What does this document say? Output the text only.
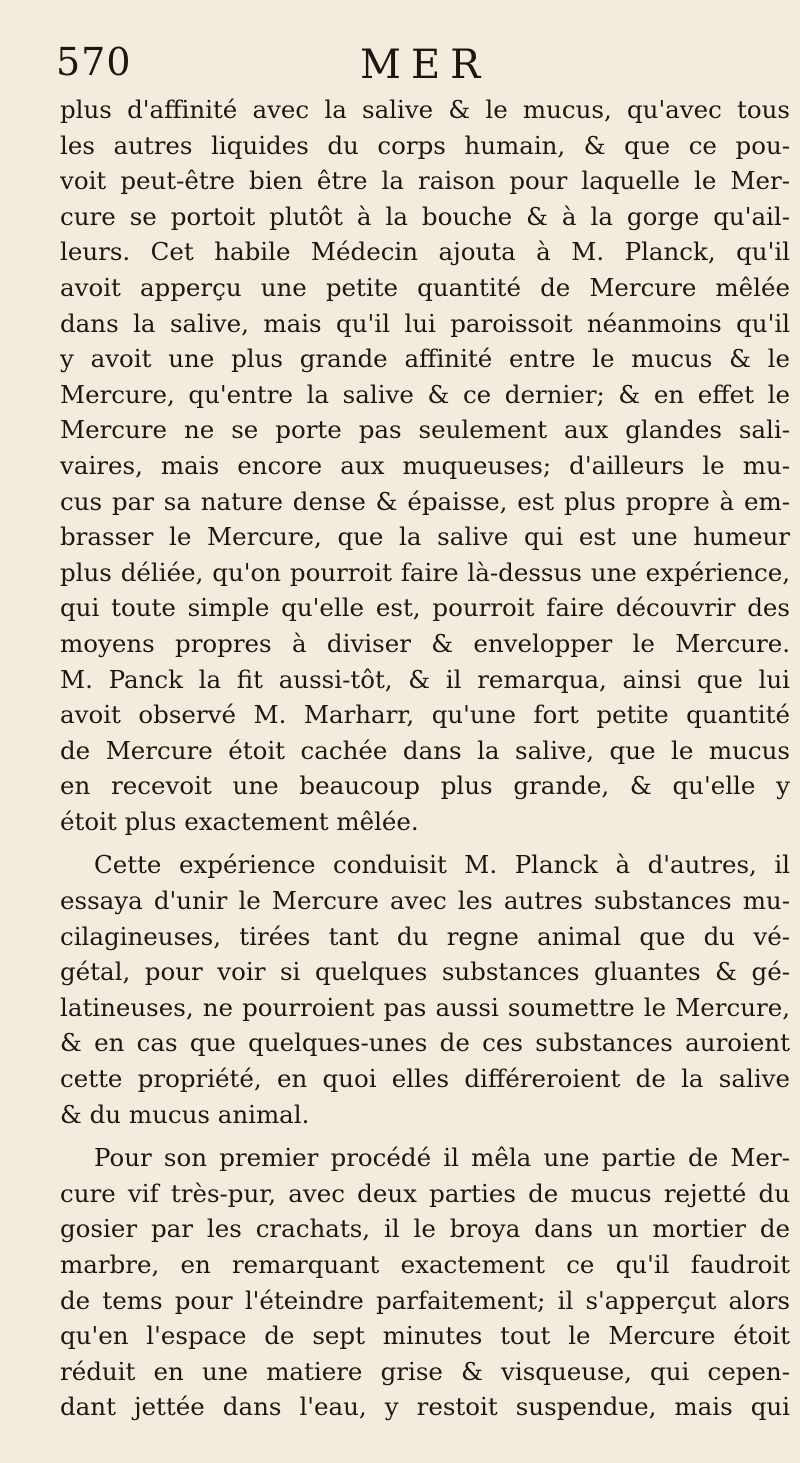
570	MER
plus d'affinité avec la salive & le mucus, qu'avec tous
les autres liquides du corps humain, & que ce pou-
voit peut-être bien être la raison pour laquelle le Mer-
cure se portoit plutôt à la bouche & à la gorge qu'ail-
leurs. Cet habile Médecin ajouta à M. Planck, qu'il
avoit apperçu une petite quantité de Mercure mêlée
dans la salive, mais qu'il lui paroissoit néanmoins qu'il
y avoit une plus grande affinité entre le mucus & le
Mercure, qu'entre la salive & ce dernier; & en effet le
Mercure ne se porte pas seulement aux glandes sali-
vaires, mais encore aux muqueuses; d'ailleurs le mu-
cus par sa nature dense & épaisse, est plus propre à em-
brasser le Mercure, que la salive qui est une humeur
plus déliée, qu'on pourroit faire là-dessus une expérience,
qui toute simple qu'elle est, pourroit faire découvrir des
moyens propres à diviser & envelopper le Mercure.
M. Panck la fit aussi-tôt, & il remarqua, ainsi que lui
avoit observé M. Marharr, qu'une fort petite quantité
de Mercure étoit cachée dans la salive, que le mucus
en recevoit une beaucoup plus grande, & qu'elle y
étoit plus exactement mêlée.
Cette expérience conduisit M. Planck à d'autres, il
essaya d'unir le Mercure avec les autres substances mu-
cilagineuses, tirées tant du regne animal que du vé-
gétal, pour voir si quelques substances gluantes & gé-
latineuses, ne pourroient pas aussi soumettre le Mercure,
& en cas que quelques-unes de ces substances auroient
cette propriété, en quoi elles différeroient de la salive
& du mucus animal.
Pour son premier procédé il mêla une partie de Mer-
cure vif très-pur, avec deux parties de mucus rejetté du
gosier par les crachats, il le broya dans un mortier de
marbre, en remarquant exactement ce qu'il faudroit
de tems pour l'éteindre parfaitement; il s'apperçut alors
qu'en l'espace de sept minutes tout le Mercure étoit
réduit en une matiere grise & visqueuse, qui cepen-
dant jettée dans l'eau, y restoit suspendue, mais qui
